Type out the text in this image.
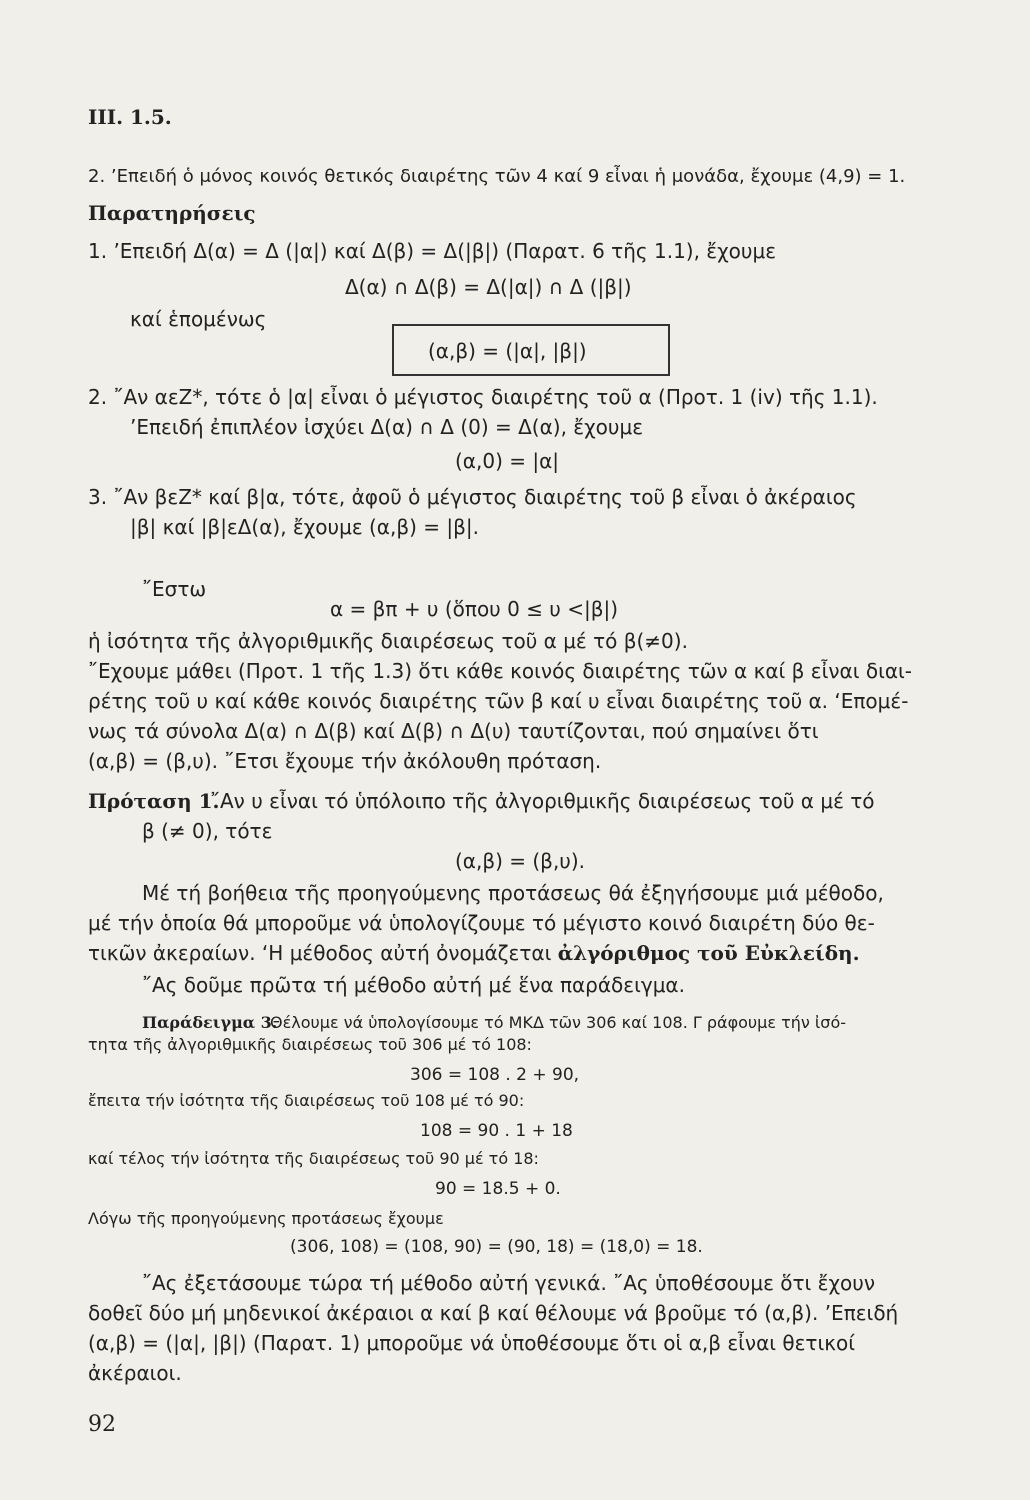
III. 1.5.
2. ’Επειδή ὁ μόνος κοινός θετικός διαιρέτης τῶν 4 καί 9 εἶναι ἡ μονάδα, ἔχουμε (4,9) = 1.
Παρατηρήσεις
1. ’Επειδή Δ(α) = Δ (|α|) καί Δ(β) = Δ(|β|) (Παρατ. 6 τῆς 1.1), ἔχουμε
Δ(α) ∩ Δ(β) = Δ(|α|) ∩ Δ (|β|)
καί ἑπομένως
(α,β) = (|α|, |β|)
2. ῎Αν αεZ*, τότε ὁ |α| εἶναι ὁ μέγιστος διαιρέτης τοῦ α (Προτ. 1 (iv) τῆς 1.1).
’Επειδή ἐπιπλέον ἰσχύει Δ(α) ∩ Δ (0) = Δ(α), ἔχουμε
(α,0) = |α|
3. ῎Αν βεZ* καί β|α, τότε, ἀφοῦ ὁ μέγιστος διαιρέτης τοῦ β εἶναι ὁ ἀκέραιος
|β| καί |β|εΔ(α), ἔχουμε (α,β) = |β|.
῎Εστω
α = βπ + υ (ὅπου 0 ≤ υ <|β|)
ἡ ἰσότητα τῆς ἀλγοριθμικῆς διαιρέσεως τοῦ α μέ τό β(≠0).
῎Εχουμε μάθει (Προτ. 1 τῆς 1.3) ὅτι κάθε κοινός διαιρέτης τῶν α καί β εἶναι διαι-
ρέτης τοῦ υ καί κάθε κοινός διαιρέτης τῶν β καί υ εἶναι διαιρέτης τοῦ α. ‘Επομέ-
νως τά σύνολα Δ(α) ∩ Δ(β) καί Δ(β) ∩ Δ(υ) ταυτίζονται, πού σημαίνει ὅτι
(α,β) = (β,υ). ῎Ετσι ἔχουμε τήν ἀκόλουθη πρόταση.
Πρόταση 1.
῎Αν υ εἶναι τό ὑπόλοιπο τῆς ἀλγοριθμικῆς διαιρέσεως τοῦ α μέ τό
β (≠ 0), τότε
(α,β) = (β,υ).
Μέ τή βοήθεια τῆς προηγούμενης προτάσεως θά ἐξηγήσουμε μιά μέθοδο,
μέ τήν ὁποία θά μποροῦμε νά ὑπολογίζουμε τό μέγιστο κοινό διαιρέτη δύο θε-
τικῶν ἀκεραίων. ‘Η μέθοδος αὐτή ὀνομάζεται ἀλγόριθμος τοῦ Εὐκλείδη.
῎Ας δοῦμε πρῶτα τή μέθοδο αὐτή μέ ἕνα παράδειγμα.
Παράδειγμα 3.
Θέλουμε νά ὑπολογίσουμε τό ΜΚΔ τῶν 306 καί 108. Γ ράφουμε τήν ἰσό-
τητα τῆς ἀλγοριθμικῆς διαιρέσεως τοῦ 306 μέ τό 108:
306 = 108 . 2 + 90,
ἔπειτα τήν ἰσότητα τῆς διαιρέσεως τοῦ 108 μέ τό 90:
108 = 90 . 1 + 18
καί τέλος τήν ἰσότητα τῆς διαιρέσεως τοῦ 90 μέ τό 18:
90 = 18.5 + 0.
Λόγω τῆς προηγούμενης προτάσεως ἔχουμε
(306, 108) = (108, 90) = (90, 18) = (18,0) = 18.
῎Ας ἐξετάσουμε τώρα τή μέθοδο αὐτή γενικά. ῎Ας ὑποθέσουμε ὅτι ἔχουν
δοθεῖ δύο μή μηδενικοί ἀκέραιοι α καί β καί θέλουμε νά βροῦμε τό (α,β). ’Επειδή
(α,β) = (|α|, |β|) (Παρατ. 1) μποροῦμε νά ὑποθέσουμε ὅτι οἱ α,β εἶναι θετικοί
ἀκέραιοι.
92
